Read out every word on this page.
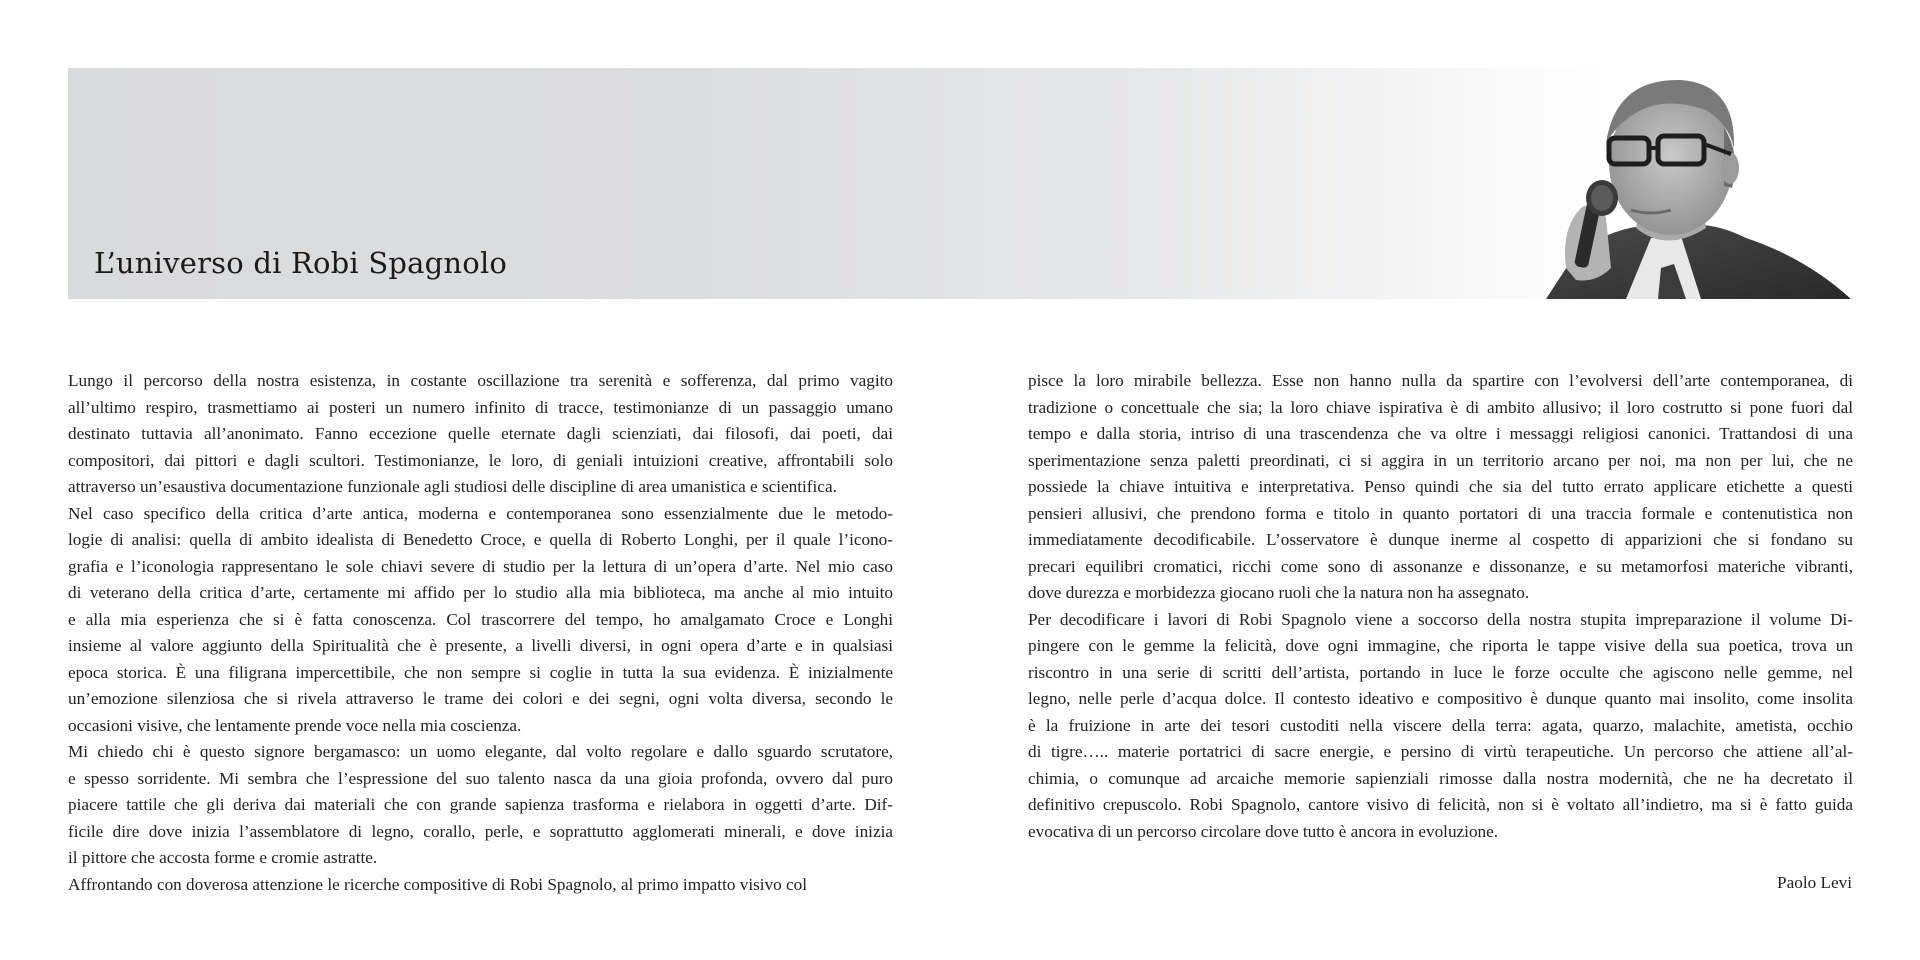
L’universo di Robi Spagnolo
Lungo il percorso della nostra esistenza, in costante oscillazione tra serenità e sofferenza, dal primo vagito
all’ultimo respiro, trasmettiamo ai posteri un numero infinito di tracce, testimonianze di un passaggio umano
destinato tuttavia all’anonimato. Fanno eccezione quelle eternate dagli scienziati, dai filosofi, dai poeti, dai
compositori, dai pittori e dagli scultori. Testimonianze, le loro, di geniali intuizioni creative, affrontabili solo
attraverso un’esaustiva documentazione funzionale agli studiosi delle discipline di area umanistica e scientifica.
Nel caso specifico della critica d’arte antica, moderna e contemporanea sono essenzialmente due le metodo-
logie di analisi: quella di ambito idealista di Benedetto Croce, e quella di Roberto Longhi, per il quale l’icono-
grafia e l’iconologia rappresentano le sole chiavi severe di studio per la lettura di un’opera d’arte. Nel mio caso
di veterano della critica d’arte, certamente mi affido per lo studio alla mia biblioteca, ma anche al mio intuito
e alla mia esperienza che si è fatta conoscenza. Col trascorrere del tempo, ho amalgamato Croce e Longhi
insieme al valore aggiunto della Spiritualità che è presente, a livelli diversi, in ogni opera d’arte e in qualsiasi
epoca storica. È una filigrana impercettibile, che non sempre si coglie in tutta la sua evidenza. È inizialmente
un’emozione silenziosa che si rivela attraverso le trame dei colori e dei segni, ogni volta diversa, secondo le
occasioni visive, che lentamente prende voce nella mia coscienza.
Mi chiedo chi è questo signore bergamasco: un uomo elegante, dal volto regolare e dallo sguardo scrutatore,
e spesso sorridente. Mi sembra che l’espressione del suo talento nasca da una gioia profonda, ovvero dal puro
piacere tattile che gli deriva dai materiali che con grande sapienza trasforma e rielabora in oggetti d’arte. Dif-
ficile dire dove inizia l’assemblatore di legno, corallo, perle, e soprattutto agglomerati minerali, e dove inizia
il pittore che accosta forme e cromie astratte.
Affrontando con doverosa attenzione le ricerche compositive di Robi Spagnolo, al primo impatto visivo col
pisce la loro mirabile bellezza. Esse non hanno nulla da spartire con l’evolversi dell’arte contemporanea, di
tradizione o concettuale che sia; la loro chiave ispirativa è di ambito allusivo; il loro costrutto si pone fuori dal
tempo e dalla storia, intriso di una trascendenza che va oltre i messaggi religiosi canonici. Trattandosi di una
sperimentazione senza paletti preordinati, ci si aggira in un territorio arcano per noi, ma non per lui, che ne
possiede la chiave intuitiva e interpretativa. Penso quindi che sia del tutto errato applicare etichette a questi
pensieri allusivi, che prendono forma e titolo in quanto portatori di una traccia formale e contenutistica non
immediatamente decodificabile. L’osservatore è dunque inerme al cospetto di apparizioni che si fondano su
precari equilibri cromatici, ricchi come sono di assonanze e dissonanze, e su metamorfosi materiche vibranti,
dove durezza e morbidezza giocano ruoli che la natura non ha assegnato.
Per decodificare i lavori di Robi Spagnolo viene a soccorso della nostra stupita impreparazione il volume Di-
pingere con le gemme la felicità, dove ogni immagine, che riporta le tappe visive della sua poetica, trova un
riscontro in una serie di scritti dell’artista, portando in luce le forze occulte che agiscono nelle gemme, nel
legno, nelle perle d’acqua dolce. Il contesto ideativo e compositivo è dunque quanto mai insolito, come insolita
è la fruizione in arte dei tesori custoditi nella viscere della terra: agata, quarzo, malachite, ametista, occhio
di tigre….. materie portatrici di sacre energie, e persino di virtù terapeutiche. Un percorso che attiene all’al-
chimia, o comunque ad arcaiche memorie sapienziali rimosse dalla nostra modernità, che ne ha decretato il
definitivo crepuscolo. Robi Spagnolo, cantore visivo di felicità, non si è voltato all’indietro, ma si è fatto guida
evocativa di un percorso circolare dove tutto è ancora in evoluzione.
Paolo Levi
